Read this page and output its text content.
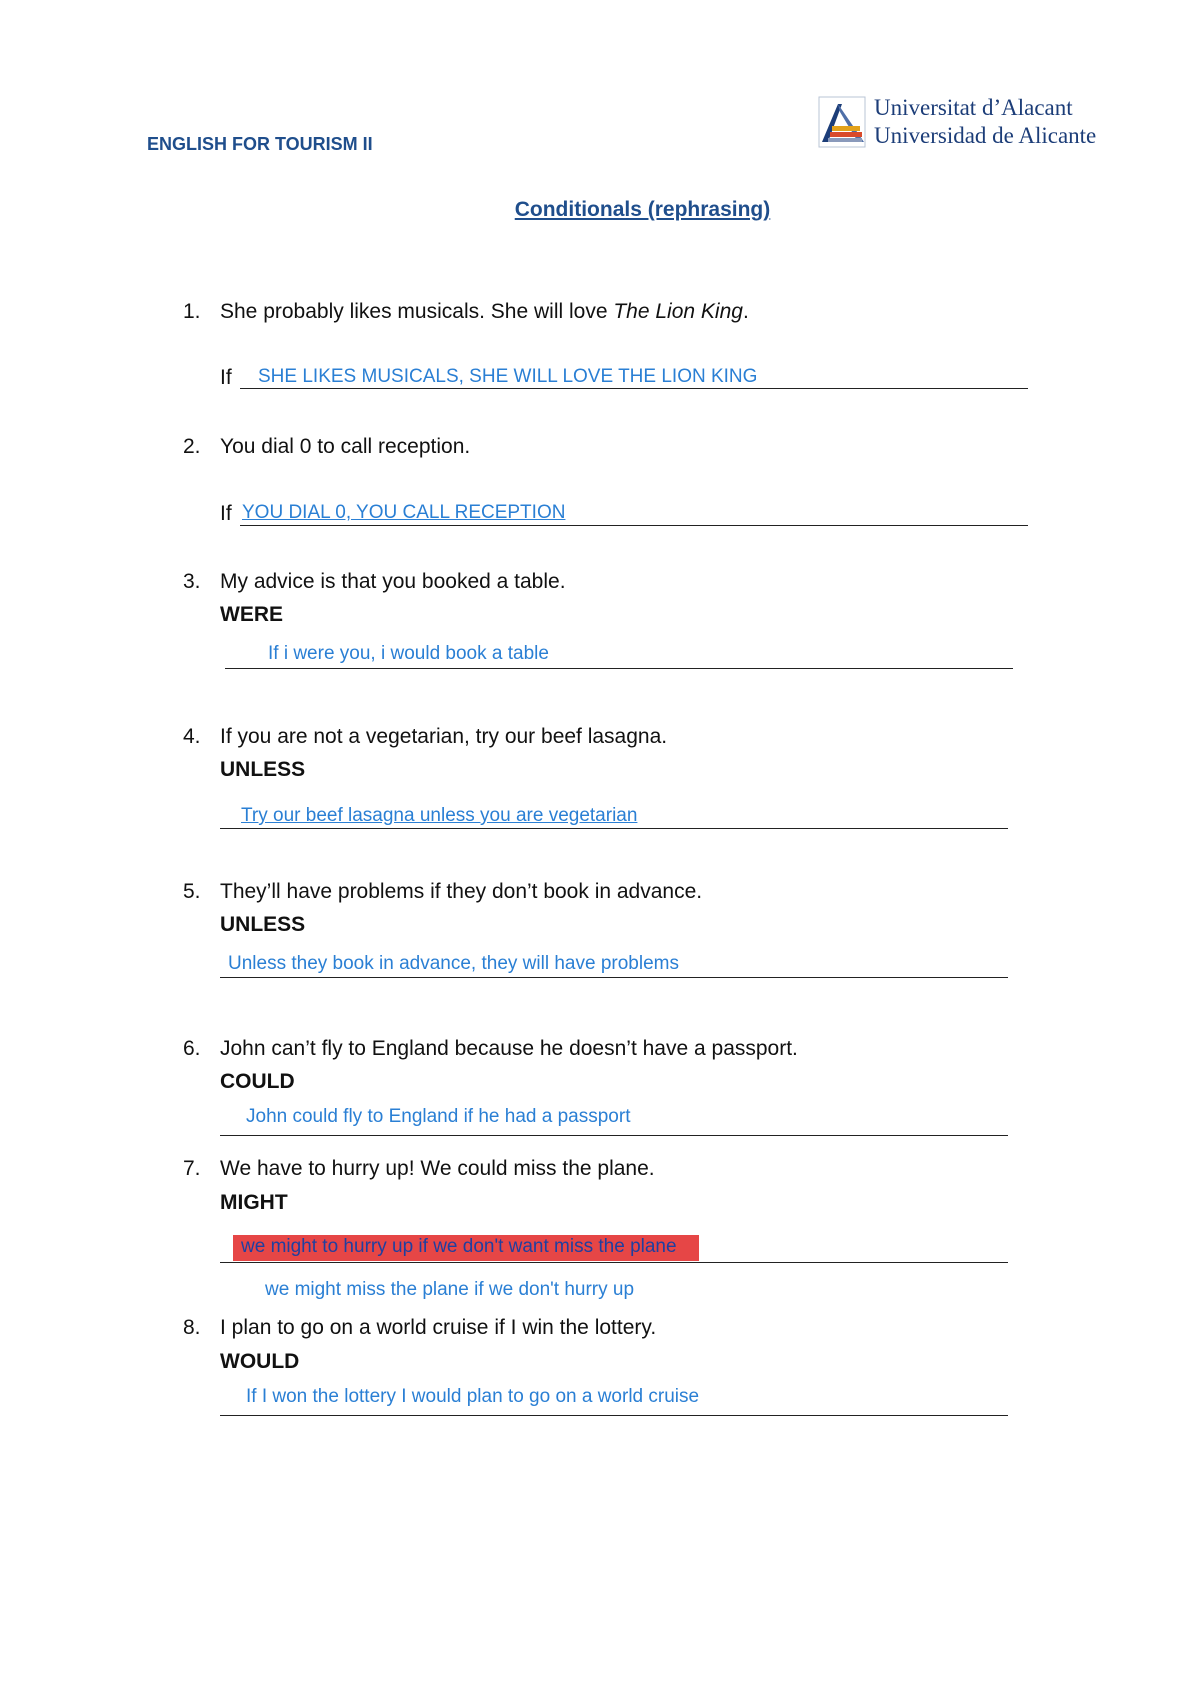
ENGLISH FOR TOURISM II
Universitat d’Alacant
Universidad de Alicante
Conditionals (rephrasing)
1. She probably likes musicals. She will love The Lion King.
If SHE LIKES MUSICALS, SHE WILL LOVE THE LION KING
2. You dial 0 to call reception.
If YOU DIAL 0, YOU CALL RECEPTION
3. My advice is that you booked a table.
WERE
If i were you, i would book a table
4. If you are not a vegetarian, try our beef lasagna.
UNLESS
Try our beef lasagna unless you are vegetarian
5. They’ll have problems if they don’t book in advance.
UNLESS
Unless they book in advance, they will have problems
6. John can’t fly to England because he doesn’t have a passport.
COULD
John could fly to England if he had a passport
7. We have to hurry up! We could miss the plane.
MIGHT
we might to hurry up if we don't want miss the plane
we might miss the plane if we don't hurry up
8. I plan to go on a world cruise if I win the lottery.
WOULD
If I won the lottery I would plan to go on a world cruise
